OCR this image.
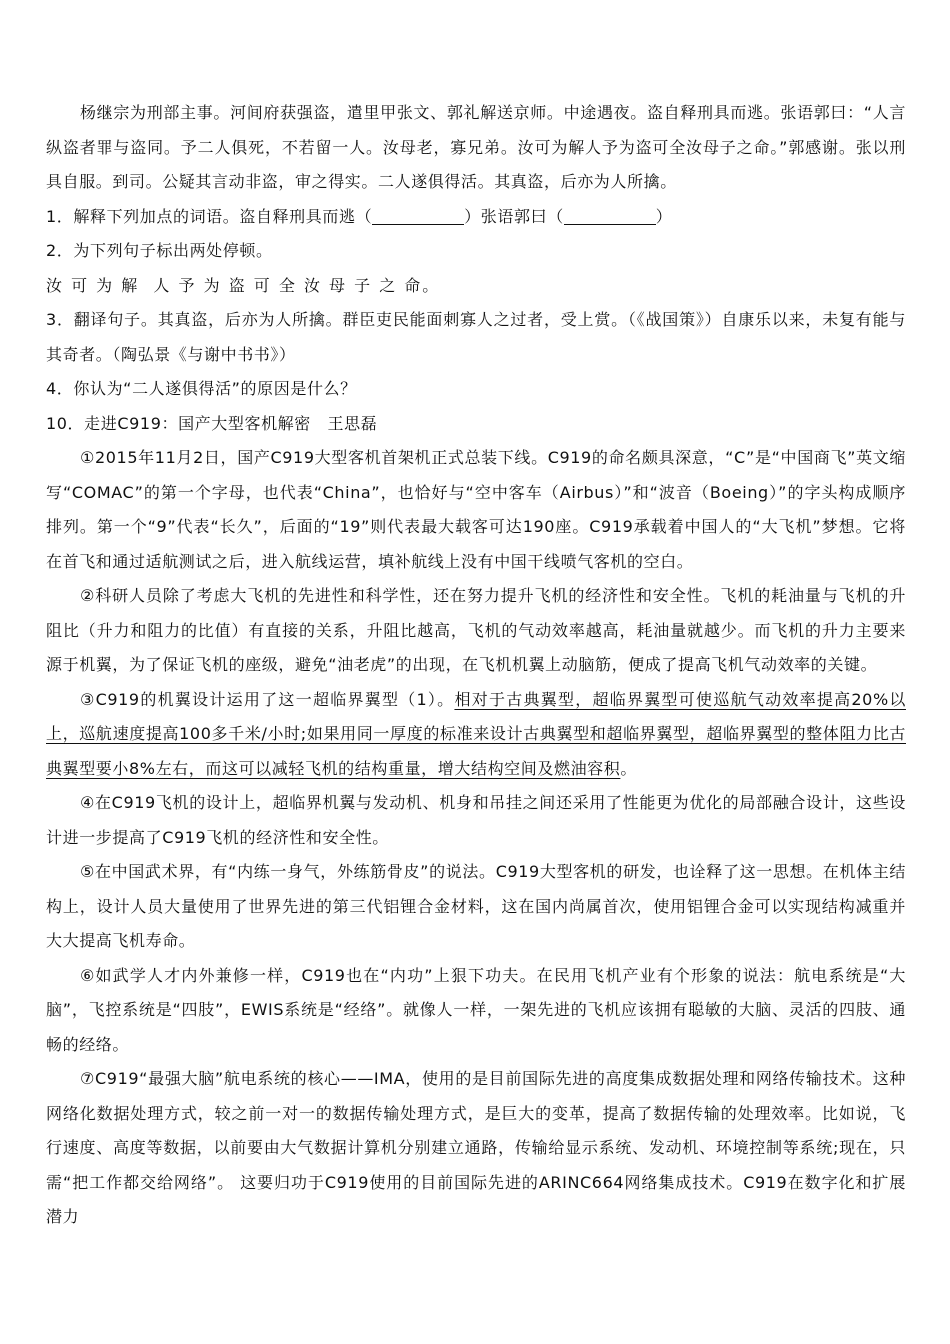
杨继宗为刑部主事。河间府获强盗，遣里甲张文、郭礼解送京师。中途遇夜。盗自释刑具而逃。张语郭曰：“人言纵盗者罪与盗同。予二人俱死，不若留一人。汝母老，寡兄弟。汝可为解人予为盗可全汝母子之命。”郭感谢。张以刑具自服。到司。公疑其言动非盗，审之得实。二人遂俱得活。其真盗，后亦为人所擒。

1．解释下列加点的词语。盗自释刑具而逃（	）张语郭曰（	）

2．为下列句子标出两处停顿。

汝 可 为 解  人 予 为 盗 可 全 汝 母 子 之 命。

3．翻译句子。其真盗，后亦为人所擒。群臣吏民能面刺寡人之过者，受上赏。（《战国策》）自康乐以来，未复有能与其奇者。（陶弘景《与谢中书书》）

4．你认为“二人遂俱得活”的原因是什么？

10．走进C919：国产大型客机解密　王思磊

①2015年11月2日，国产C919大型客机首架机正式总装下线。C919的命名颇具深意，“C”是“中国商飞”英文缩写“COMAC”的第一个字母，也代表“China”，也恰好与“空中客车（Airbus）”和“波音（Boeing）”的字头构成顺序排列。第一个“9”代表“长久”，后面的“19”则代表最大载客可达190座。C919承载着中国人的“大飞机”梦想。它将在首飞和通过适航测试之后，进入航线运营，填补航线上没有中国干线喷气客机的空白。

②科研人员除了考虑大飞机的先进性和科学性，还在努力提升飞机的经济性和安全性。飞机的耗油量与飞机的升阻比（升力和阻力的比值）有直接的关系，升阻比越高，飞机的气动效率越高，耗油量就越少。而飞机的升力主要来源于机翼，为了保证飞机的座级，避免“油老虎”的出现，在飞机机翼上动脑筋，便成了提高飞机气动效率的关键。

③C919的机翼设计运用了这一超临界翼型（1）。相对于古典翼型，超临界翼型可使巡航气动效率提高20%以上，巡航速度提高100多千米/小时;如果用同一厚度的标准来设计古典翼型和超临界翼型，超临界翼型的整体阻力比古典翼型要小8%左右，而这可以减轻飞机的结构重量，增大结构空间及燃油容积。

④在C919飞机的设计上，超临界机翼与发动机、机身和吊挂之间还采用了性能更为优化的局部融合设计，这些设计进一步提高了C919飞机的经济性和安全性。

⑤在中国武术界，有“内练一身气，外练筋骨皮”的说法。C919大型客机的研发，也诠释了这一思想。在机体主结构上，设计人员大量使用了世界先进的第三代铝锂合金材料，这在国内尚属首次，使用铝锂合金可以实现结构减重并大大提高飞机寿命。

⑥如武学人才内外兼修一样，C919也在“内功”上狠下功夫。在民用飞机产业有个形象的说法：航电系统是“大脑”，飞控系统是“四肢”，EWIS系统是“经络”。就像人一样，一架先进的飞机应该拥有聪敏的大脑、灵活的四肢、通畅的经络。

⑦C919“最强大脑”航电系统的核心——IMA，使用的是目前国际先进的高度集成数据处理和网络传输技术。这种网络化数据处理方式，较之前一对一的数据传输处理方式，是巨大的变革，提高了数据传输的处理效率。比如说，飞行速度、高度等数据，以前要由大气数据计算机分别建立通路，传输给显示系统、发动机、环境控制等系统;现在，只需“把工作都交给网络”。 这要归功于C919使用的目前国际先进的ARINC664网络集成技术。C919在数字化和扩展潜力
